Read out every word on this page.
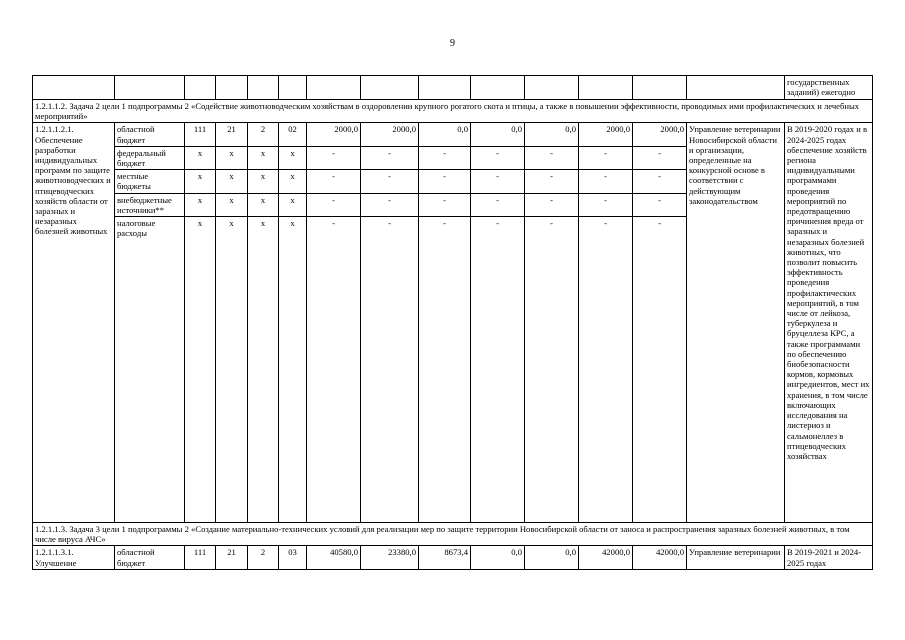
9
														государственных заданий) ежегодно
1.2.1.1.2. Задача 2 цели 1 подпрограммы 2 «Содействие животноводческим хозяйствам в оздоровлении крупного рогатого скота и птицы, а также в повышении эффективности, проводимых ими профилактических и лечебных мероприятий»														
1.2.1.1.2.1. Обеспечение разработки индивидуальных программ по защите животноводческих и птицеводческих хозяйств области от заразных и незаразных болезней животных	областной бюджет	111	21	2	02	2000,0	2000,0	0,0	0,0	0,0	2000,0	2000,0	Управление ветеринарии Новосибирской области и организации, определенные на конкурсной основе в соответствии с действующим законодательством	В 2019-2020 годах и в 2024-2025 годах обеспечение хозяйств региона индивидуальными программами проведения мероприятий по предотвращению причинения вреда от заразных и незаразных болезней животных, что позволит повысить эффективность проведения профилактических мероприятий, в том числе от лейкоза, туберкулеза и бруцеллеза КРС, а также программами по обеспечению биобезопасности кормов, кормовых ингредиентов, мест их хранения, в том числе включающих исследования на листериоз и сальмонеллез в птицеводческих хозяйствах
	федеральный бюджет	х	х	х	х	-	-	-	-	-	-	-		
	местные бюджеты	х	х	х	х	-	-	-	-	-	-	-		
	внебюджетные источники**	х	х	х	х	-	-	-	-	-	-	-		
	налоговые расходы	х	х	х	х	-	-	-	-	-	-	-		
1.2.1.1.3. Задача 3 цели 1 подпрограммы 2 «Создание материально-технических условий для реализации мер по защите территории Новосибирской области от заноса и распространения заразных болезней животных, в том числе вируса АЧС»														
1.2.1.1.3.1. Улучшение	областной бюджет	111	21	2	03	40580,0	23380,0	8673,4	0,0	0,0	42000,0	42000,0	Управление ветеринарии	В 2019-2021 и 2024-2025 годах
